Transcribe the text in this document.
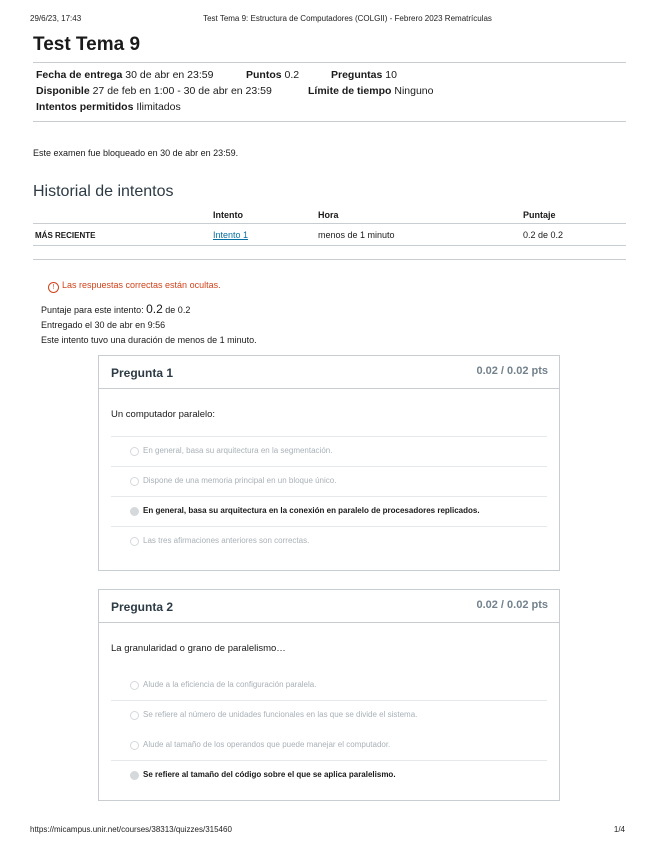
29/6/23, 17:43	Test Tema 9: Estructura de Computadores (COLGII) - Febrero 2023 Rematrículas
Test Tema 9
Fecha de entrega 30 de abr en 23:59	Puntos 0.2	Preguntas 10
Disponible 27 de feb en 1:00 - 30 de abr en 23:59	Límite de tiempo Ninguno
Intentos permitidos Ilimitados
Este examen fue bloqueado en 30 de abr en 23:59.
Historial de intentos
	Intento	Hora	Puntaje
MÁS RECIENTE	Intento 1	menos de 1 minuto	0.2 de 0.2
! Las respuestas correctas están ocultas.
Puntaje para este intento: 0.2 de 0.2
Entregado el 30 de abr en 9:56
Este intento tuvo una duración de menos de 1 minuto.
Pregunta 1	0.02 / 0.02 pts
Un computador paralelo:
En general, basa su arquitectura en la segmentación.
Dispone de una memoria principal en un bloque único.
En general, basa su arquitectura en la conexión en paralelo de procesadores replicados.
Las tres afirmaciones anteriores son correctas.
Pregunta 2	0.02 / 0.02 pts
La granularidad o grano de paralelismo…
Alude a la eficiencia de la configuración paralela.
Se refiere al número de unidades funcionales en las que se divide el sistema.
Alude al tamaño de los operandos que puede manejar el computador.
Se refiere al tamaño del código sobre el que se aplica paralelismo.
https://micampus.unir.net/courses/38313/quizzes/315460	1/4
